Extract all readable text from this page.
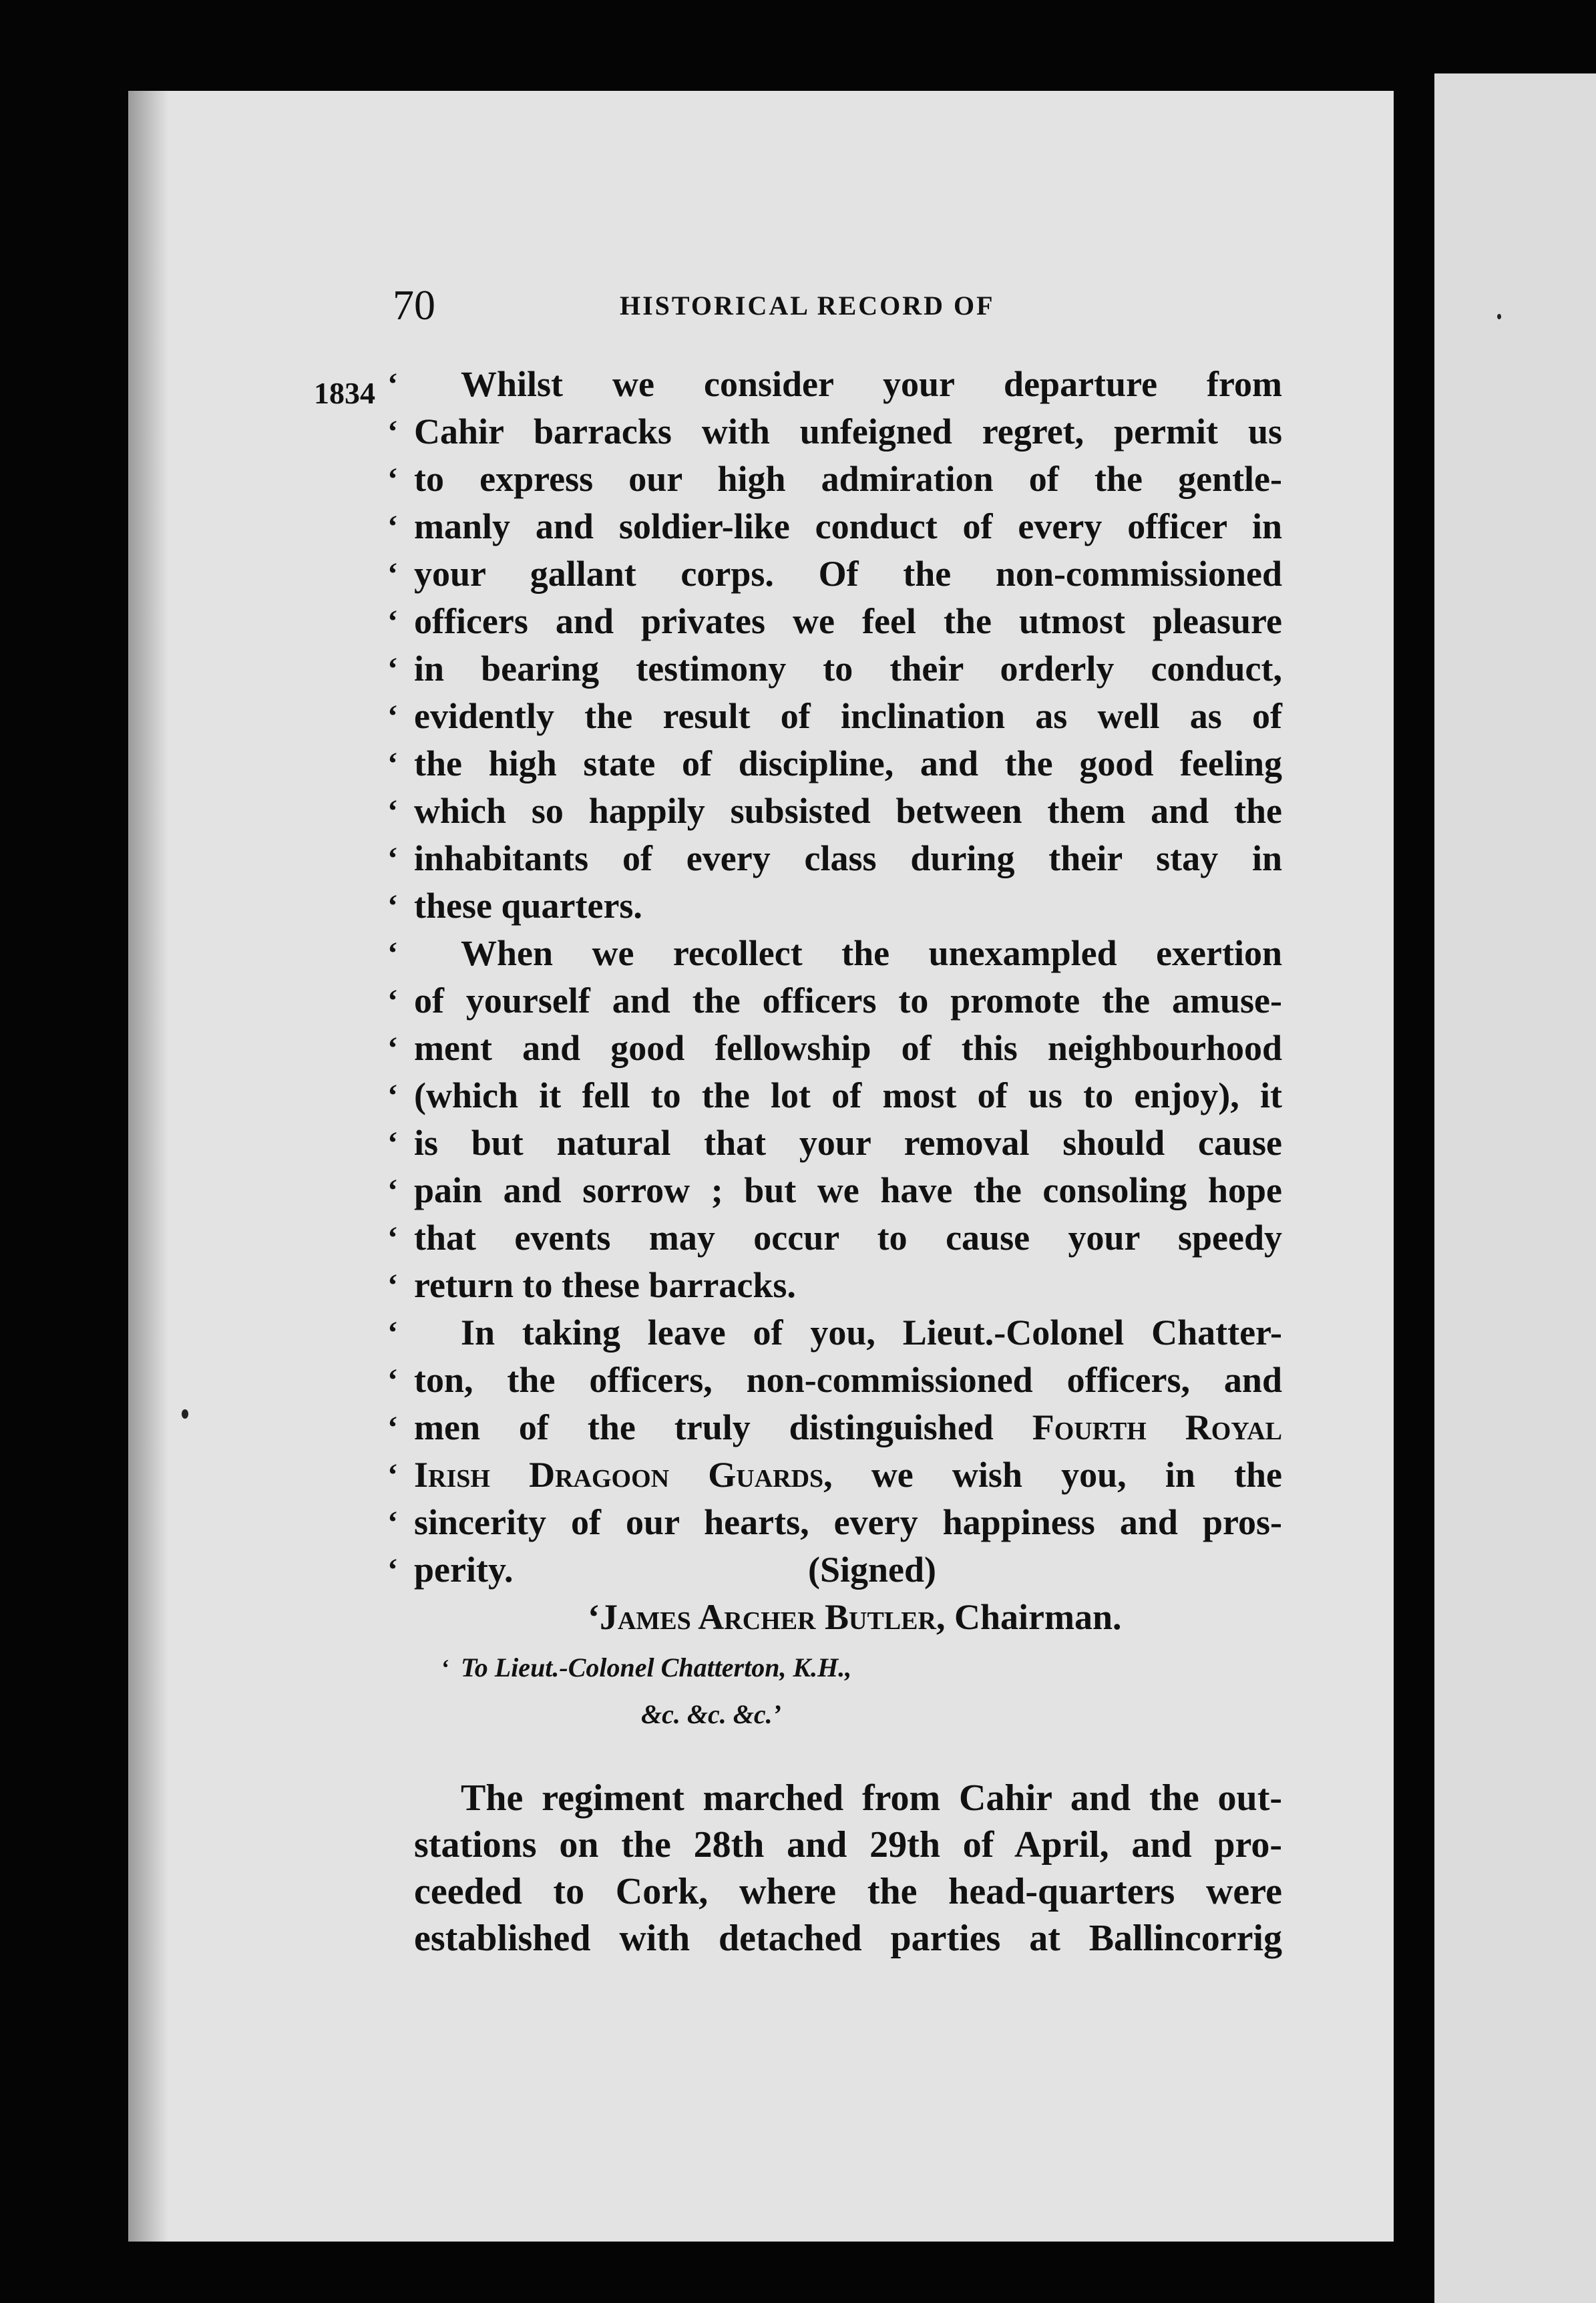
70	HISTORICAL RECORD OF
1834 ‘ Whilst we consider your departure from
‘ Cahir barracks with unfeigned regret, permit us
‘ to express our high admiration of the gentle-
‘ manly and soldier-like conduct of every officer in
‘ your gallant corps. Of the non-commissioned
‘ officers and privates we feel the utmost pleasure
‘ in bearing testimony to their orderly conduct,
‘ evidently the result of inclination as well as of
‘ the high state of discipline, and the good feeling
‘ which so happily subsisted between them and the
‘ inhabitants of every class during their stay in
‘ these quarters.
‘ When we recollect the unexampled exertion
‘ of yourself and the officers to promote the amuse-
‘ ment and good fellowship of this neighbourhood
‘ (which it fell to the lot of most of us to enjoy), it
‘ is but natural that your removal should cause
‘ pain and sorrow ; but we have the consoling hope
‘ that events may occur to cause your speedy
‘ return to these barracks.
‘ In taking leave of you, Lieut.-Colonel Chatter-
‘ ton, the officers, non-commissioned officers, and
‘ men of the truly distinguished Fourth Royal
‘ Irish Dragoon Guards, we wish you, in the
‘ sincerity of our hearts, every happiness and pros-
‘ perity.	(Signed)
‘James Archer Butler, Chairman.
‘ To Lieut.-Colonel Chatterton, K.H.,
&c. &c. &c.’
The regiment marched from Cahir and the out-
stations on the 28th and 29th of April, and pro-
ceeded to Cork, where the head-quarters were
established with detached parties at Ballincorrig
